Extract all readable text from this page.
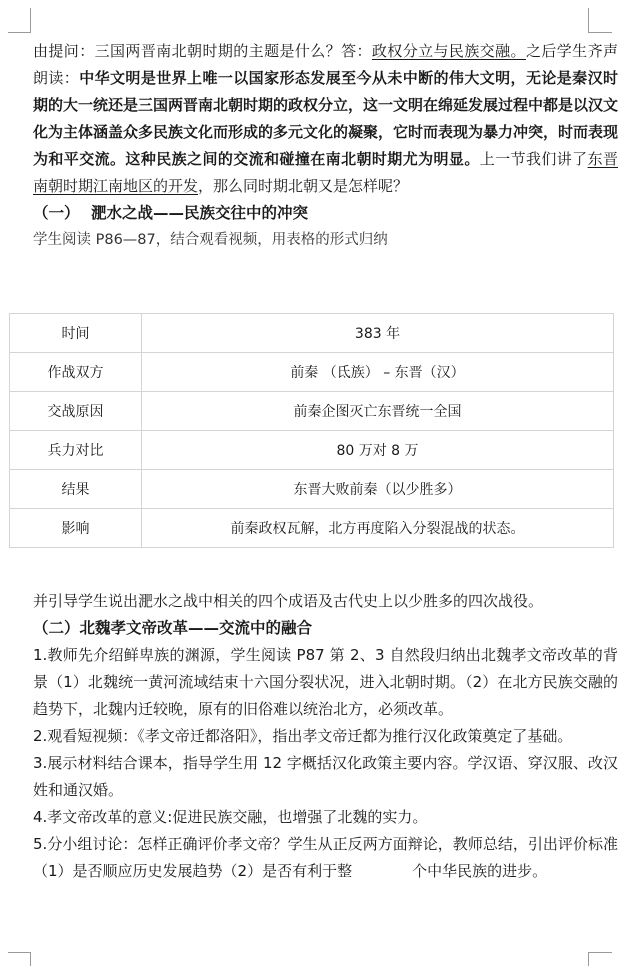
由提问：三国两晋南北朝时期的主题是什么？答：政权分立与民族交融。之后学生齐声朗读：中华文明是世界上唯一以国家形态发展至今从未中断的伟大文明，无论是秦汉时期的大一统还是三国两晋南北朝时期的政权分立，这一文明在绵延发展过程中都是以汉文化为主体涵盖众多民族文化而形成的多元文化的凝聚，它时而表现为暴力冲突，时而表现为和平交流。这种民族之间的交流和碰撞在南北朝时期尤为明显。上一节我们讲了东晋南朝时期江南地区的开发，那么同时期北朝又是怎样呢？

（一） 淝水之战——民族交往中的冲突

学生阅读 P86—87，结合观看视频，用表格的形式归纳

时间	383 年
作战双方	前秦 （氐族） – 东晋（汉）
交战原因	前秦企图灭亡东晋统一全国
兵力对比	80 万对 8 万
结果	东晋大败前秦（以少胜多）
影响	前秦政权瓦解，北方再度陷入分裂混战的状态。

并引导学生说出淝水之战中相关的四个成语及古代史上以少胜多的四次战役。

（二）北魏孝文帝改革——交流中的融合

1.教师先介绍鲜卑族的渊源，学生阅读 P87 第 2、3 自然段归纳出北魏孝文帝改革的背景（1）北魏统一黄河流域结束十六国分裂状况，进入北朝时期。（2）在北方民族交融的趋势下，北魏内迁较晚，原有的旧俗难以统治北方，必须改革。

2.观看短视频：《孝文帝迁都洛阳》，指出孝文帝迁都为推行汉化政策奠定了基础。

3.展示材料结合课本，指导学生用 12 字概括汉化政策主要内容。学汉语、穿汉服、改汉姓和通汉婚。

4.孝文帝改革的意义:促进民族交融，也增强了北魏的实力。

5.分小组讨论：怎样正确评价孝文帝？学生从正反两方面辩论，教师总结，引出评价标准（1）是否顺应历史发展趋势（2）是否有利于整　　　　个中华民族的进步。
